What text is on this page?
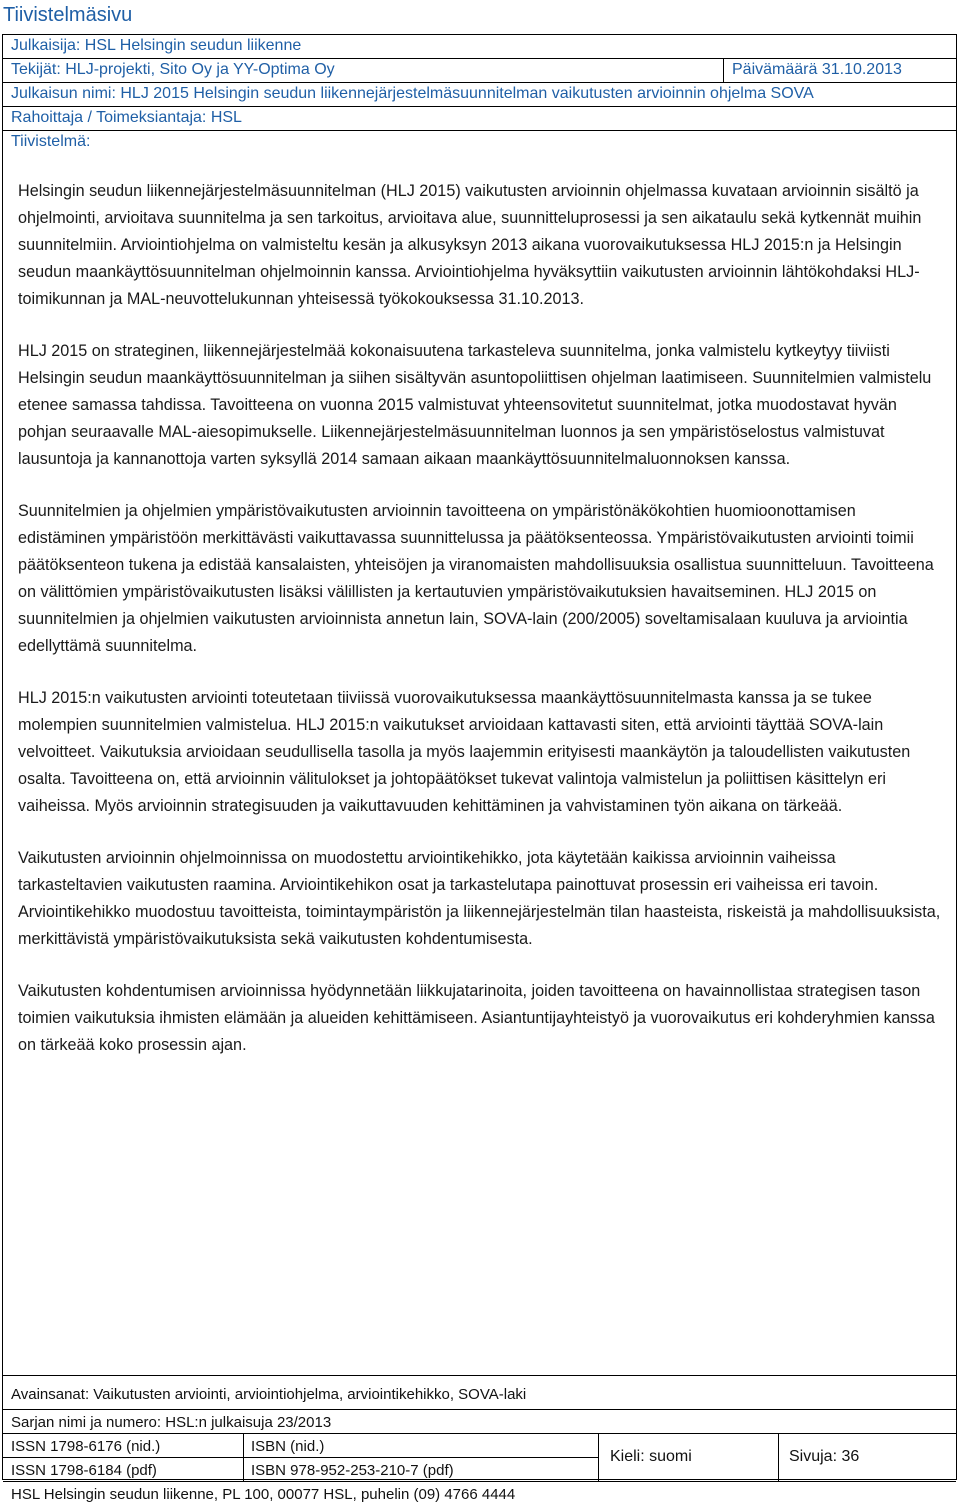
Tiivistelmäsivu
Julkaisija: HSL Helsingin seudun liikenne
Tekijät: HLJ-projekti, Sito Oy ja YY-Optima Oy	Päivämäärä 31.10.2013
Julkaisun nimi: HLJ 2015 Helsingin seudun liikennejärjestelmäsuunnitelman vaikutusten arvioinnin ohjelma SOVA
Rahoittaja / Toimeksiantaja: HSL
Tiivistelmä:
Avainsanat: Vaikutusten arviointi, arviointiohjelma, arviointikehikko, SOVA-laki
Sarjan nimi ja numero: HSL:n julkaisuja 23/2013
ISSN 1798-6176 (nid.)	ISBN (nid.)
ISSN 1798-6184 (pdf)	ISBN 978-952-253-210-7 (pdf)
Kieli: suomi	Sivuja: 36
HSL Helsingin seudun liikenne, PL 100, 00077 HSL, puhelin (09) 4766 4444

Helsingin seudun liikennejärjestelmäsuunnitelman (HLJ 2015) vaikutusten arvioinnin ohjelmassa kuvataan arvioinnin sisältö ja ohjelmointi, arvioitava suunnitelma ja sen tarkoitus, arvioitava alue, suunnitteluprosessi ja sen aikataulu sekä kytkennät muihin suunnitelmiin. Arviointiohjelma on valmisteltu kesän ja alkusyksyn 2013 aikana vuorovaikutuksessa HLJ 2015:n ja Helsingin seudun maankäyttösuunnitelman ohjelmoinnin kanssa. Arviointiohjelma hyväksyttiin vaikutusten arvioinnin lähtökohdaksi HLJ-toimikunnan ja MAL-neuvottelukunnan yhteisessä työkokouksessa 31.10.2013.

HLJ 2015 on strateginen, liikennejärjestelmää kokonaisuutena tarkasteleva suunnitelma, jonka valmistelu kytkeytyy tiiviisti Helsingin seudun maankäyttösuunnitelman ja siihen sisältyvän asuntopoliittisen ohjelman laatimiseen. Suunnitelmien valmistelu etenee samassa tahdissa. Tavoitteena on vuonna 2015 valmistuvat yhteensovitetut suunnitelmat, jotka muodostavat hyvän pohjan seuraavalle MAL-aiesopimukselle. Liikennejärjestelmäsuunnitelman luonnos ja sen ympäristöselostus valmistuvat lausuntoja ja kannanottoja varten syksyllä 2014 samaan aikaan maankäyttösuunnitelmaluonnoksen kanssa.

Suunnitelmien ja ohjelmien ympäristövaikutusten arvioinnin tavoitteena on ympäristönäkökohtien huomioonottamisen edistäminen ympäristöön merkittävästi vaikuttavassa suunnittelussa ja päätöksenteossa. Ympäristövaikutusten arviointi toimii päätöksenteon tukena ja edistää kansalaisten, yhteisöjen ja viranomaisten mahdollisuuksia osallistua suunnitteluun. Tavoitteena on välittömien ympäristövaikutusten lisäksi välillisten ja kertautuvien ympäristövaikutuksien havaitseminen. HLJ 2015 on suunnitelmien ja ohjelmien vaikutusten arvioinnista annetun lain, SOVA-lain (200/2005) soveltamisalaan kuuluva ja arviointia edellyttämä suunnitelma.

HLJ 2015:n vaikutusten arviointi toteutetaan tiiviissä vuorovaikutuksessa maankäyttösuunnitelmasta kanssa ja se tukee molempien suunnitelmien valmistelua. HLJ 2015:n vaikutukset arvioidaan kattavasti siten, että arviointi täyttää SOVA-lain velvoitteet. Vaikutuksia arvioidaan seudullisella tasolla ja myös laajemmin erityisesti maankäytön ja taloudellisten vaikutusten osalta. Tavoitteena on, että arvioinnin välitulokset ja johtopäätökset tukevat valintoja valmistelun ja poliittisen käsittelyn eri vaiheissa. Myös arvioinnin strategisuuden ja vaikuttavuuden kehittäminen ja vahvistaminen työn aikana on tärkeää.

Vaikutusten arvioinnin ohjelmoinnissa on muodostettu arviointikehikko, jota käytetään kaikissa arvioinnin vaiheissa tarkasteltavien vaikutusten raamina. Arviointikehikon osat ja tarkastelutapa painottuvat prosessin eri vaiheissa eri tavoin. Arviointikehikko muodostuu tavoitteista, toimintaympäristön ja liikennejärjestelmän tilan haasteista, riskeistä ja mahdollisuuksista, merkittävistä ympäristövaikutuksista sekä vaikutusten kohdentumisesta.

Vaikutusten kohdentumisen arvioinnissa hyödynnetään liikkujatarinoita, joiden tavoitteena on havainnollistaa strategisen tason toimien vaikutuksia ihmisten elämään ja alueiden kehittämiseen. Asiantuntijayhteistyö ja vuorovaikutus eri kohderyhmien kanssa on tärkeää koko prosessin ajan.
